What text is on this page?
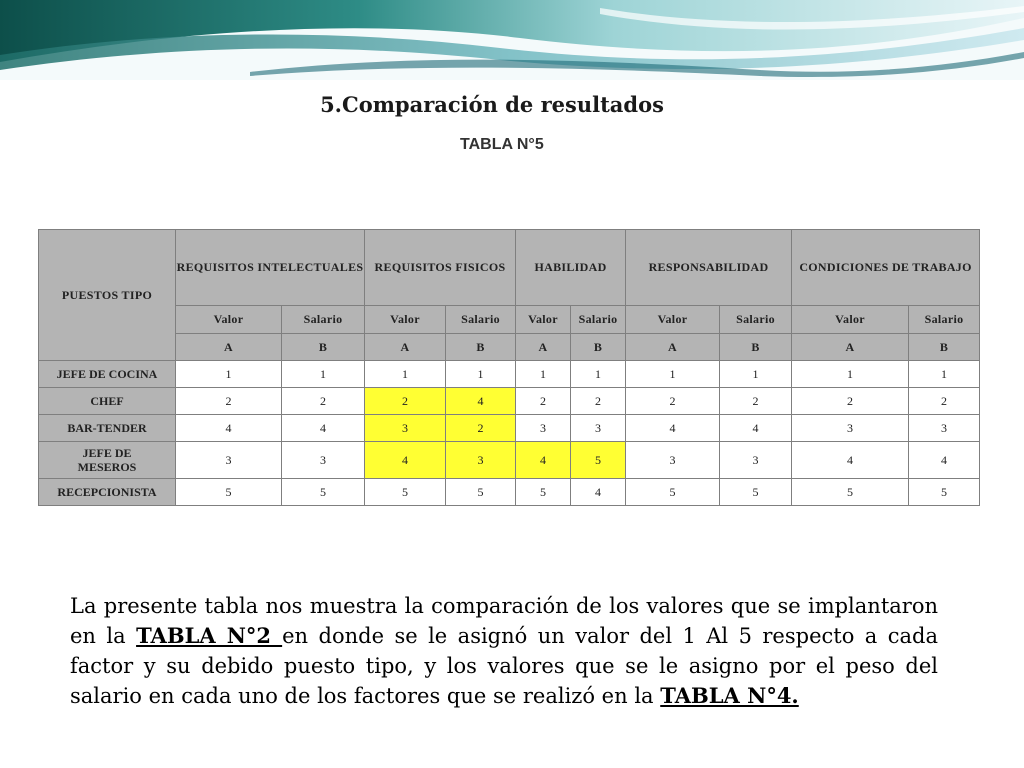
5.Comparación de resultados
TABLA N°5
PUESTOS TIPO	REQUISITOS INTELECTUALES		REQUISITOS FISICOS		HABILIDAD		RESPONSABILIDAD		CONDICIONES DE TRABAJO	
	Valor	Salario	Valor	Salario	Valor	Salario	Valor	Salario	Valor	Salario
	A	B	A	B	A	B	A	B	A	B
JEFE DE COCINA	1	1	1	1	1	1	1	1	1	1
CHEF	2	2	2	4	2	2	2	2	2	2
BAR-TENDER	4	4	3	2	3	3	4	4	3	3
JEFE DE MESEROS	3	3	4	3	4	5	3	3	4	4
RECEPCIONISTA	5	5	5	5	5	4	5	5	5	5

La presente tabla nos muestra la comparación de los valores que se implantaron en la TABLA N°2 en donde se le asignó un valor del 1 Al 5 respecto a cada factor y su debido puesto tipo, y los valores que se le asigno por el peso del salario en cada uno de los factores que se realizó en la TABLA N°4.
